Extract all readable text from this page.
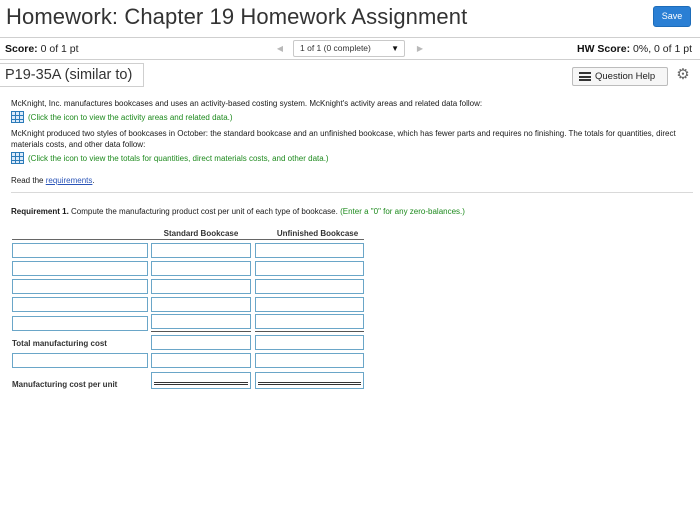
Homework: Chapter 19 Homework Assignment	Save
Score: 0 of 1 pt	◀	1 of 1 (0 complete)	▼	▶	HW Score: 0%, 0 of 1 pt
P19-35A (similar to)	Question Help	⚙
McKnight, Inc. manufactures bookcases and uses an activity-based costing system. McKnight's activity areas and related data follow:
(Click the icon to view the activity areas and related data.)
McKnight produced two styles of bookcases in October: the standard bookcase and an unfinished bookcase, which has fewer parts and requires no finishing. The totals for quantities, direct materials costs, and other data follow:
(Click the icon to view the totals for quantities, direct materials costs, and other data.)
Read the requirements.
Requirement 1. Compute the manufacturing product cost per unit of each type of bookcase. (Enter a "0" for any zero-balances.)
Standard Bookcase	Unfinished Bookcase
Total manufacturing cost
Manufacturing cost per unit
